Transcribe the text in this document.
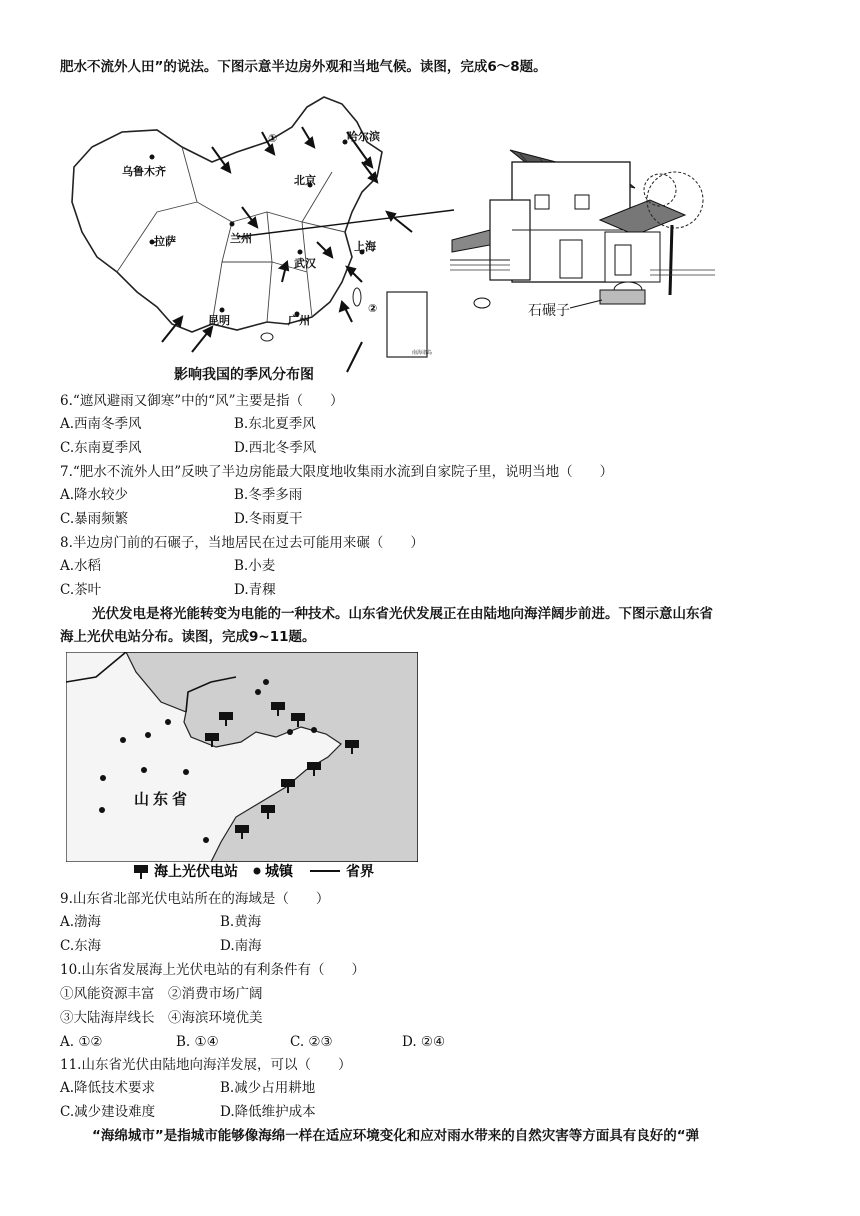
肥水不流外人田”的说法。下图示意半边房外观和当地气候。读图，完成6～8题。
南海诸岛
乌鲁木齐
哈尔滨
北京
兰州
上海
拉萨
武汉
昆明	广州
①
②
影响我国的季风分布图
石碾子
6.“遮风避雨又御寒”中的“风”主要是指（　　）
A.西南冬季风	B.东北夏季风
C.东南夏季风	D.西北冬季风
7.“肥水不流外人田”反映了半边房能最大限度地收集雨水流到自家院子里，说明当地（　　）
A.降水较少	B.冬季多雨
C.暴雨频繁	D.冬雨夏干
8.半边房门前的石碾子，当地居民在过去可能用来碾（　　）
A.水稻	B.小麦
C.茶叶	D.青稞
光伏发电是将光能转变为电能的一种技术。山东省光伏发展正在由陆地向海洋阔步前进。下图示意山东省
海上光伏电站分布。读图，完成9~11题。
山东省
海上光伏电站 城镇	省界
9.山东省北部光伏电站所在的海域是（　　）
A.渤海	B.黄海
C.东海	D.南海
10.山东省发展海上光伏电站的有利条件有（　　）
①风能资源丰富　②消费市场广阔
③大陆海岸线长　④海滨环境优美
A. ①②	B. ①④	C. ②③	D. ②④
11.山东省光伏由陆地向海洋发展，可以（　　）
A.降低技术要求	B.减少占用耕地
C.减少建设难度	D.降低维护成本
“海绵城市”是指城市能够像海绵一样在适应环境变化和应对雨水带来的自然灾害等方面具有良好的“弹
